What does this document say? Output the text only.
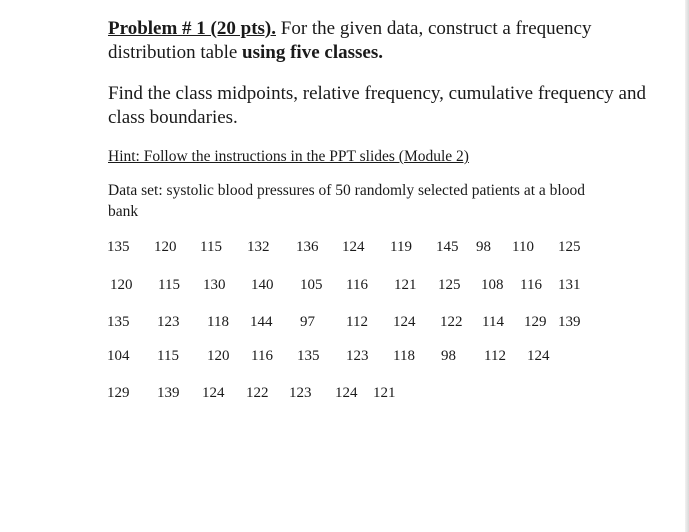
Problem # 1 (20 pts). For the given data, construct a frequency distribution table using five classes.

Find the class midpoints, relative frequency, cumulative frequency and class boundaries.

Hint: Follow the instructions in the PPT slides (Module 2)

Data set: systolic blood pressures of 50 randomly selected patients at a blood bank

135 120 115 132 136 124 119 145 98 110 125
120 115 130 140 105 116 121 125 108 116 131
135 123 118 144 97 112 124 122 114 129 139
104 115 120 116 135 123 118 98 112 124
129 139 124 122 123 124 121
